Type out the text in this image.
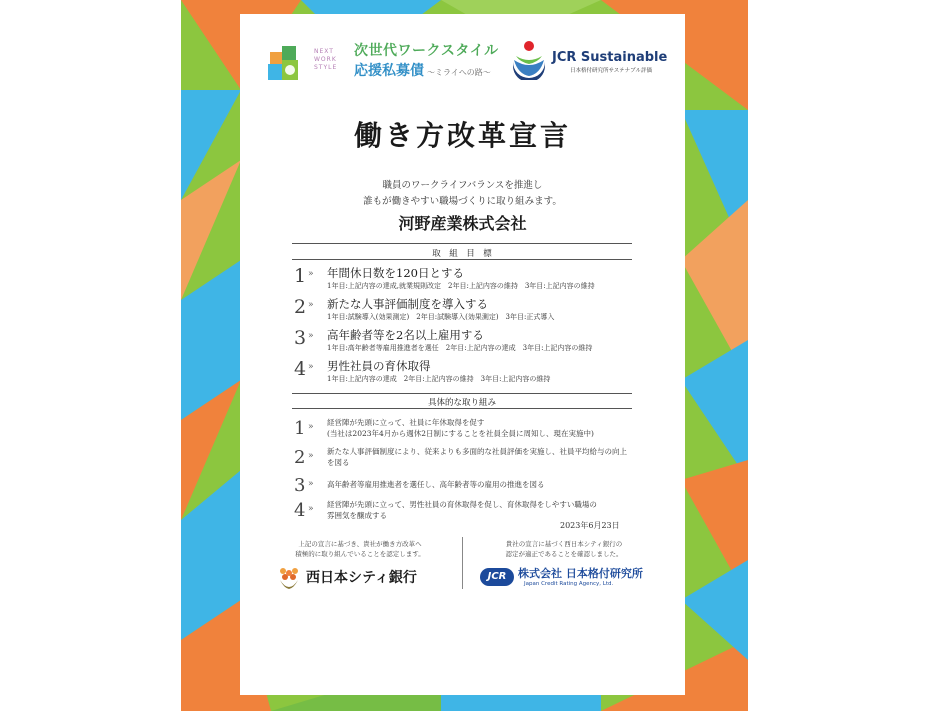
NEXT
WORK
STYLE
次世代ワークスタイル
応援私募債 〜ミライへの路〜
JCR Sustainable
日本格付研究所サステナブル評価
働き方改革宣言
職員のワークライフバランスを推進し
誰もが働きやすい職場づくりに取り組みます。
河野産業株式会社
取　組　目　標
1 » 年間休日数を120日とする
1年目:上記内容の達成,就業規則改定　2年目:上記内容の維持　3年目:上記内容の維持
2 » 新たな人事評価制度を導入する
1年目:試験導入(効果測定)　2年目:試験導入(効果測定)　3年目:正式導入
3 » 高年齢者等を2名以上雇用する
1年目:高年齢者等雇用推進者を選任　2年目:上記内容の達成　3年目:上記内容の維持
4 » 男性社員の育休取得
1年目:上記内容の達成　2年目:上記内容の維持　3年目:上記内容の維持
具体的な取り組み
1 » 経営陣が先頭に立って、社員に年休取得を促す
(当社は2023年4月から週休2日制にすることを社員全員に周知し、現在実施中)
2 » 新たな人事評価制度により、従来よりも多面的な社員評価を実施し、社員平均給与の向上
を図る
3 » 高年齢者等雇用推進者を選任し、高年齢者等の雇用の推進を図る
4 » 経営陣が先頭に立って、男性社員の育休取得を促し、育休取得をしやすい職場の
雰囲気を醸成する
2023年6月23日
上記の宣言に基づき、貴社が働き方改革へ
積極的に取り組んでいることを認定します。
貴社の宣言に基づく西日本シティ銀行の
認定が適正であることを確認しました。
西日本シティ銀行	JCR	株式会社 日本格付研究所
Japan Credit Rating Agency, Ltd.
